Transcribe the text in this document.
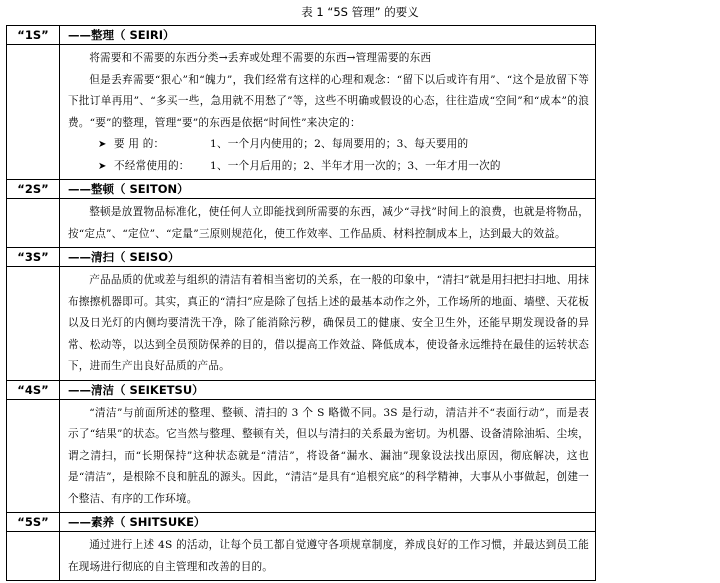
表 1 “5S 管理” 的要义
“1S”	——整理（ SEIRI）

	将需要和不需要的东西分类→丢弃或处理不需要的东西→管理需要的东西

但是丢弃需要“狠心”和“魄力”，我们经常有这样的心理和观念：“留下以后或许有用”、“这个是放留下等下批订单再用”、“多买一些，急用就不用愁了”等，这些不明确或假设的心态，往往造成“空间”和“成本”的浪费。“要”的整理，管理“要”的东西是依据“时间性”来决定的：

➤ 要 用 的： 1、一个月内使用的；2、每周要用的；3、每天要用的
➤ 不经常使用的： 1、一个月后用的；2、半年才用一次的；3、一年才用一次的

“2S”	——整顿（ SEITON）

	整顿是放置物品标准化，使任何人立即能找到所需要的东西，减少“寻找”时间上的浪费，也就是将物品，按“定点”、“定位”、“定量”三原则规范化，使工作效率、工作品质、材料控制成本上，达到最大的效益。

“3S”	——清扫（ SEISO）

	产品品质的优或差与组织的清洁有着相当密切的关系，在一般的印象中，“清扫”就是用扫把扫扫地、用抹布擦擦机器即可。其实，真正的“清扫”应是除了包括上述的最基本动作之外，工作场所的地面、墙壁、天花板以及日光灯的内侧均要清洗干净，除了能消除污秽，确保员工的健康、安全卫生外，还能早期发现设备的异常、松动等，以达到全员预防保养的目的，借以提高工作效益、降低成本，使设备永远维持在最佳的运转状态下，进而生产出良好品质的产品。

“4S”	——清洁（ SEIKETSU）

	“清洁”与前面所述的整理、整顿、清扫的 3 个 S 略微不同。3S 是行动，清洁并不“表面行动”，而是表示了“结果”的状态。它当然与整理、整顿有关，但以与清扫的关系最为密切。为机器、设备清除油垢、尘埃，谓之清扫，而“长期保持”这种状态就是“清洁”，将设备“漏水、漏油”现象设法找出原因，彻底解决，这也是“清洁”，是根除不良和脏乱的源头。因此，“清洁”是具有“追根究底”的科学精神，大事从小事做起，创建一个整洁、有序的工作环境。

“5S”	——素养（ SHITSUKE）

	通过进行上述 4S 的活动，让每个员工都自觉遵守各项规章制度，养成良好的工作习惯，并最达到员工能在现场进行彻底的自主管理和改善的目的。
